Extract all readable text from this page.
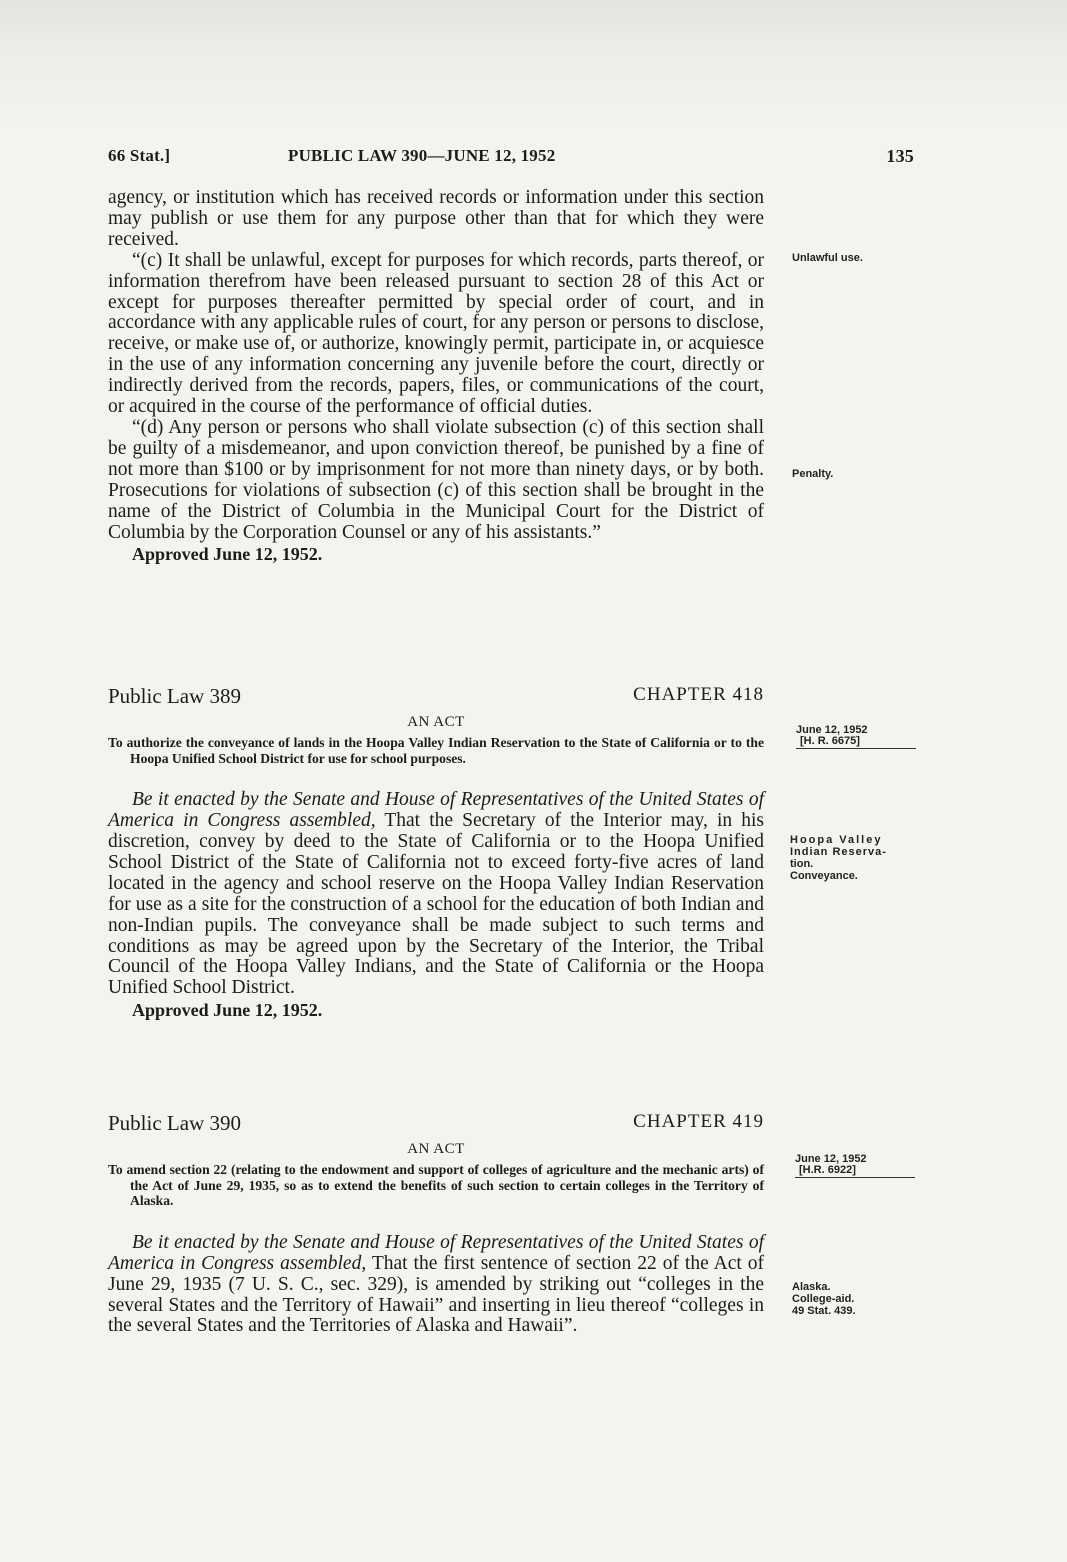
66 Stat.]	PUBLIC LAW 390—JUNE 12, 1952	135

agency, or institution which has received records or information under this section may publish or use them for any purpose other than that for which they were received.

“(c) It shall be unlawful, except for purposes for which records, parts thereof, or information therefrom have been released pursuant to section 28 of this Act or except for purposes thereafter permitted by special order of court, and in accordance with any applicable rules of court, for any person or persons to disclose, receive, or make use of, or authorize, knowingly permit, participate in, or acquiesce in the use of any information concerning any juvenile before the court, directly or indirectly derived from the records, papers, files, or communications of the court, or acquired in the course of the performance of official duties.

“(d) Any person or persons who shall violate subsection (c) of this section shall be guilty of a misdemeanor, and upon conviction thereof, be punished by a fine of not more than $100 or by imprisonment for not more than ninety days, or by both. Prosecutions for violations of subsection (c) of this section shall be brought in the name of the District of Columbia in the Municipal Court for the District of Columbia by the Corporation Counsel or any of his assistants.”

Approved June 12, 1952.

Public Law 389	CHAPTER 418
AN ACT

To authorize the conveyance of lands in the Hoopa Valley Indian Reservation to the State of California or to the Hoopa Unified School District for use for school purposes.

Be it enacted by the Senate and House of Representatives of the United States of America in Congress assembled, That the Secretary of the Interior may, in his discretion, convey by deed to the State of California or to the Hoopa Unified School District of the State of California not to exceed forty-five acres of land located in the agency and school reserve on the Hoopa Valley Indian Reservation for use as a site for the construction of a school for the education of both Indian and non-Indian pupils. The conveyance shall be made subject to such terms and conditions as may be agreed upon by the Secretary of the Interior, the Tribal Council of the Hoopa Valley Indians, and the State of California or the Hoopa Unified School District.

Approved June 12, 1952.

Public Law 390	CHAPTER 419
AN ACT

To amend section 22 (relating to the endowment and support of colleges of agriculture and the mechanic arts) of the Act of June 29, 1935, so as to extend the benefits of such section to certain colleges in the Territory of Alaska.

Be it enacted by the Senate and House of Representatives of the United States of America in Congress assembled, That the first sentence of section 22 of the Act of June 29, 1935 (7 U. S. C., sec. 329), is amended by striking out “colleges in the several States and the Territory of Hawaii” and inserting in lieu thereof “colleges in the several States and the Territories of Alaska and Hawaii”.

Unlawful use.
Penalty.
June 12, 1952
[H. R. 6675]
Hoopa Valley
Indian Reserva-
tion.
Conveyance.
June 12, 1952
[H.R. 6922]
Alaska.
College-aid.
49 Stat. 439.
